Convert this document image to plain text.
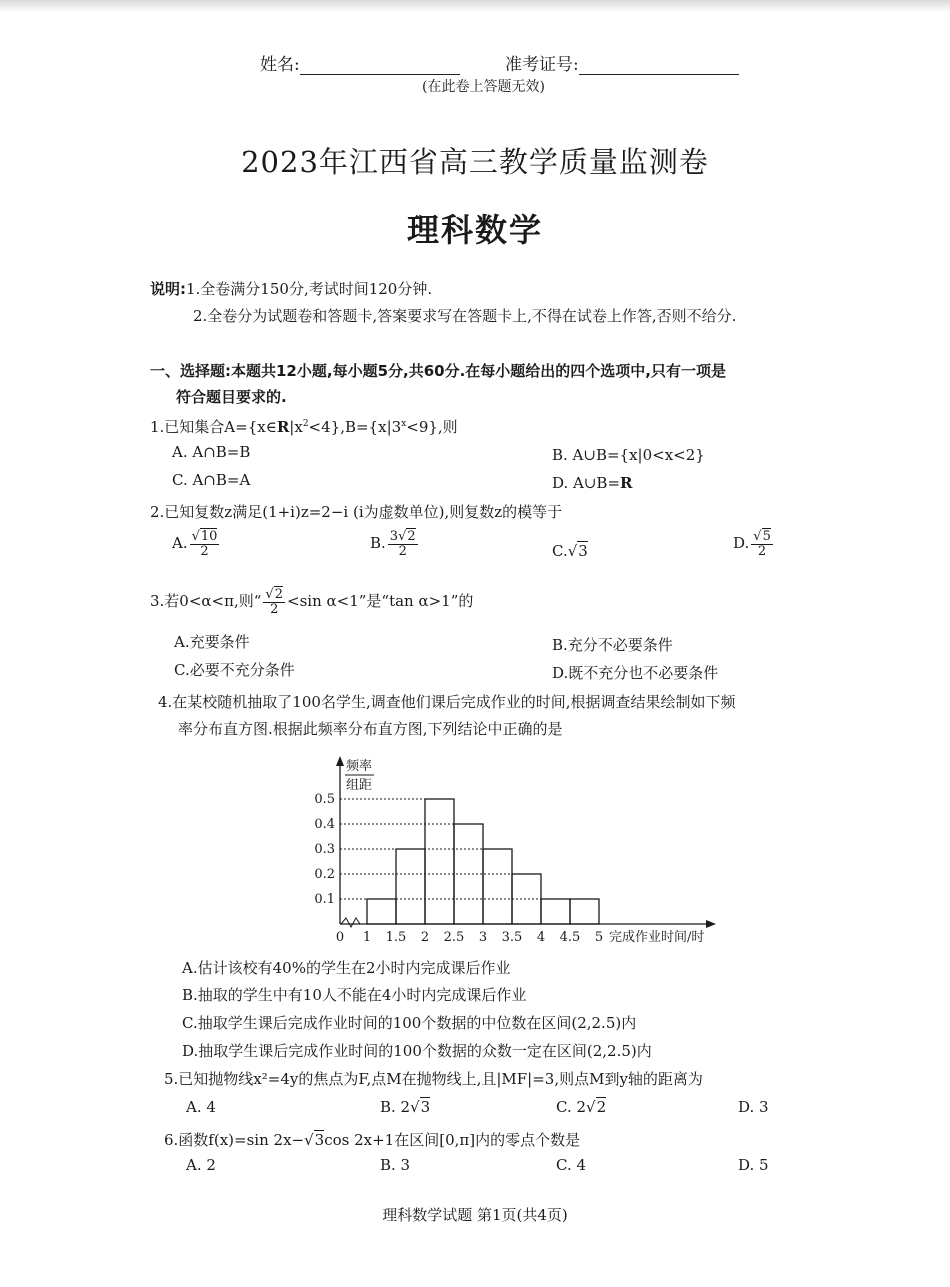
姓名:	准考证号:
(在此卷上答题无效)
2023年江西省高三教学质量监测卷
理科数学
说明:1.全卷满分150分,考试时间120分钟.
2.全卷分为试题卷和答题卡,答案要求写在答题卡上,不得在试卷上作答,否则不给分.
一、选择题:本题共12小题,每小题5分,共60分.在每小题给出的四个选项中,只有一项是
符合题目要求的.
1.已知集合$A=\{x\in R|x^2<4\},B=\{x|3^x<9\}$,则
A. A∩B=B	B. A∪B={x|0<x<2}
C. A∩B=A	D. A∪B=R
2.已知复数z满足(1+i)z=2−i (i为虚数单位),则复数z的模等于
A. $\frac{√10}{2}$	B. $\frac{3√2}{2}$	C.√3	D. $\frac{√5}{2}$
3.若0<α<π,则“ $\frac{√2}{2} <\sin$ α<1”是“tan α>1”的
A.充要条件	B.充分不必要条件
C.必要不充分条件	D.既不充分也不必要条件
4.在某校随机抽取了100名学生,调查他们课后完成作业的时间,根据调查结果绘制如下频
率分布直方图.根据此频率分布直方图,下列结论中正确的是
0.1
0.2
0.3
0.4
0.5
1 1.5 2 2.5 3 3.5 4 4.5 5
0
频率
组距
完成作业时间/时
A.估计该校有40%的学生在2小时内完成课后作业
B.抽取的学生中有10人不能在4小时内完成课后作业
C.抽取学生课后完成作业时间的100个数据的中位数在区间(2,2.5)内
D.抽取学生课后完成作业时间的100个数据的众数一定在区间(2,2.5)内
5.已知抛物线x²=4y的焦点为F,点M在抛物线上,且|MF|=3,则点M到y轴的距离为
A. 4	B. 2√3	C. 2√2	D. 3
6.函数f(x)=sin 2x−√3cos 2x+1在区间[0,π]内的零点个数是
A. 2	B. 3	C. 4	D. 5
理科数学试题 第1页(共4页)
